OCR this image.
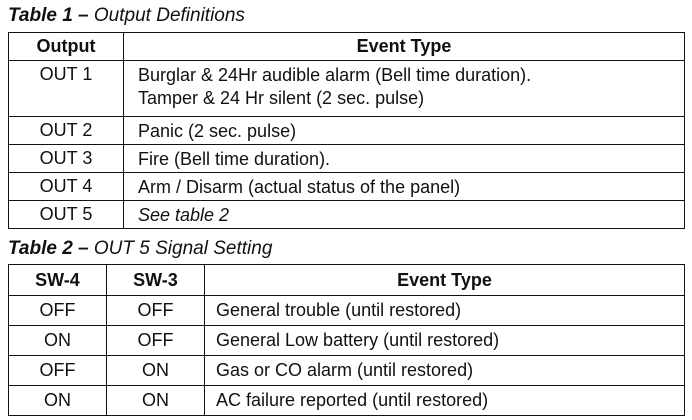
Table 1 – Output Definitions
Output	Event Type
OUT 1	Burglar & 24Hr audible alarm (Bell time duration).
Tamper & 24 Hr silent (2 sec. pulse)

OUT 2	Panic (2 sec. pulse)

OUT 3	Fire (Bell time duration).

OUT 4	Arm / Disarm (actual status of the panel)

OUT 5	See table 2
Table 2 – OUT 5 Signal Setting
SW-4	SW-3	Event Type
OFF	OFF	General trouble (until restored)
ON	OFF	General Low battery (until restored)
OFF	ON	Gas or CO alarm (until restored)
ON	ON	AC failure reported (until restored)
